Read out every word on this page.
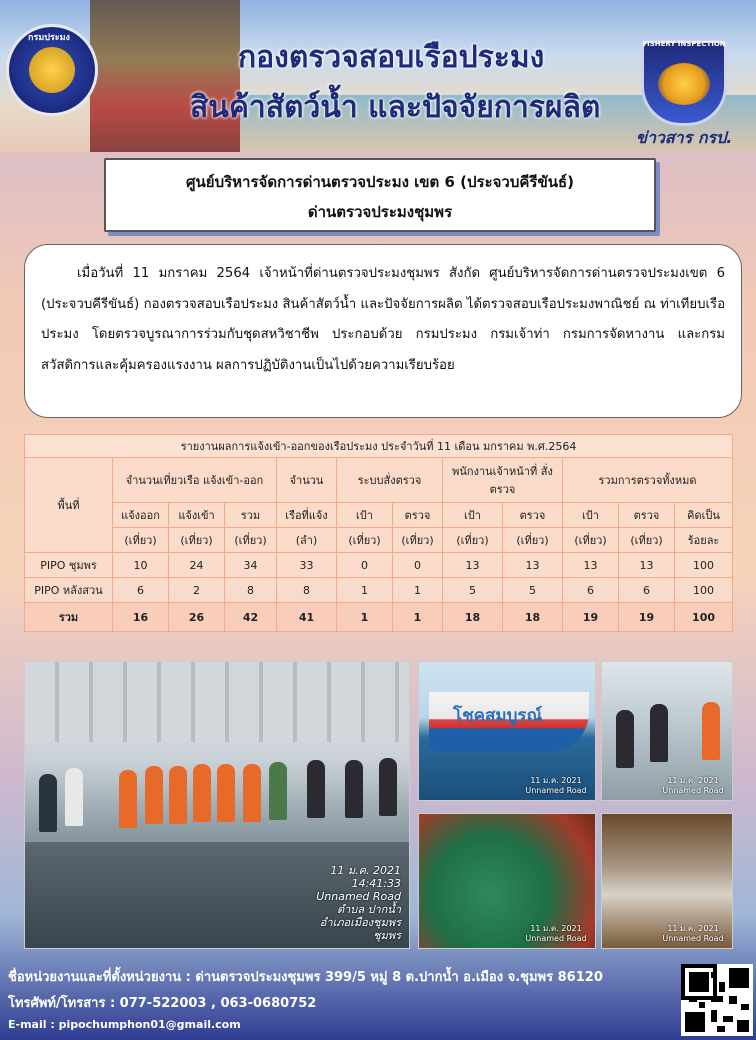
กรมประมง
FISHERY INSPECTION
กองตรวจสอบเรือประมง
สินค้าสัตว์น้ำ และปัจจัยการผลิต
ข่าวสาร กรป.
ศูนย์บริหารจัดการด่านตรวจประมง เขต 6 (ประจวบคีรีขันธ์)
ด่านตรวจประมงชุมพร

เมื่อวันที่ 11 มกราคม 2564 เจ้าหน้าที่ด่านตรวจประมงชุมพร สังกัด ศูนย์บริหารจัดการด่านตรวจประมงเขต 6 (ประจวบคีรีขันธ์) กองตรวจสอบเรือประมง สินค้าสัตว์น้ำ และปัจจัยการผลิต ได้ตรวจสอบเรือประมงพาณิชย์ ณ ท่าเทียบเรือประมง โดยตรวจบูรณาการร่วมกับชุดสหวิชาชีพ ประกอบด้วย กรมประมง กรมเจ้าท่า กรมการจัดหางาน และกรมสวัสดิการและคุ้มครองแรงงาน ผลการปฏิบัติงานเป็นไปด้วยความเรียบร้อย

รายงานผลการแจ้งเข้า-ออกของเรือประมง ประจำวันที่ 11 เดือน มกราคม พ.ศ.2564											
พื้นที่	จำนวนเที่ยวเรือ แจ้งเข้า-ออก			จำนวน	ระบบสั่งตรวจ		พนักงานเจ้าหน้าที่ สั่งตรวจ		รวมการตรวจทั้งหมด		
	แจ้งออก	แจ้งเข้า	รวม	เรือที่แจ้ง	เป้า	ตรวจ	เป้า	ตรวจ	เป้า	ตรวจ	คิดเป็น
	(เที่ยว)	(เที่ยว)	(เที่ยว)	(ลำ)	(เที่ยว)	(เที่ยว)	(เที่ยว)	(เที่ยว)	(เที่ยว)	(เที่ยว)	ร้อยละ
PIPO ชุมพร	10	24	34	33	0	0	13	13	13	13	100
PIPO หลังสวน	6	2	8	8	1	1	5	5	6	6	100
รวม	16	26	42	41	1	1	18	18	19	19	100
11 ม.ค. 2021 14:41:33
Unnamed Road
ตำบล ปากน้ำ
อำเภอเมืองชุมพร
ชุมพร
โชคสมบูรณ์
11 ม.ค. 2021
Unnamed Road
11 ม.ค. 2021
Unnamed Road
11 ม.ค. 2021
Unnamed Road
11 ม.ค. 2021
Unnamed Road
ชื่อหน่วยงานและที่ตั้งหน่วยงาน : ด่านตรวจประมงชุมพร 399/5 หมู่ 8 ต.ปากน้ำ อ.เมือง จ.ชุมพร 86120
โทรศัพท์/โทรสาร : 077-522003 , 063-0680752
E-mail : pipochumphon01@gmail.com
